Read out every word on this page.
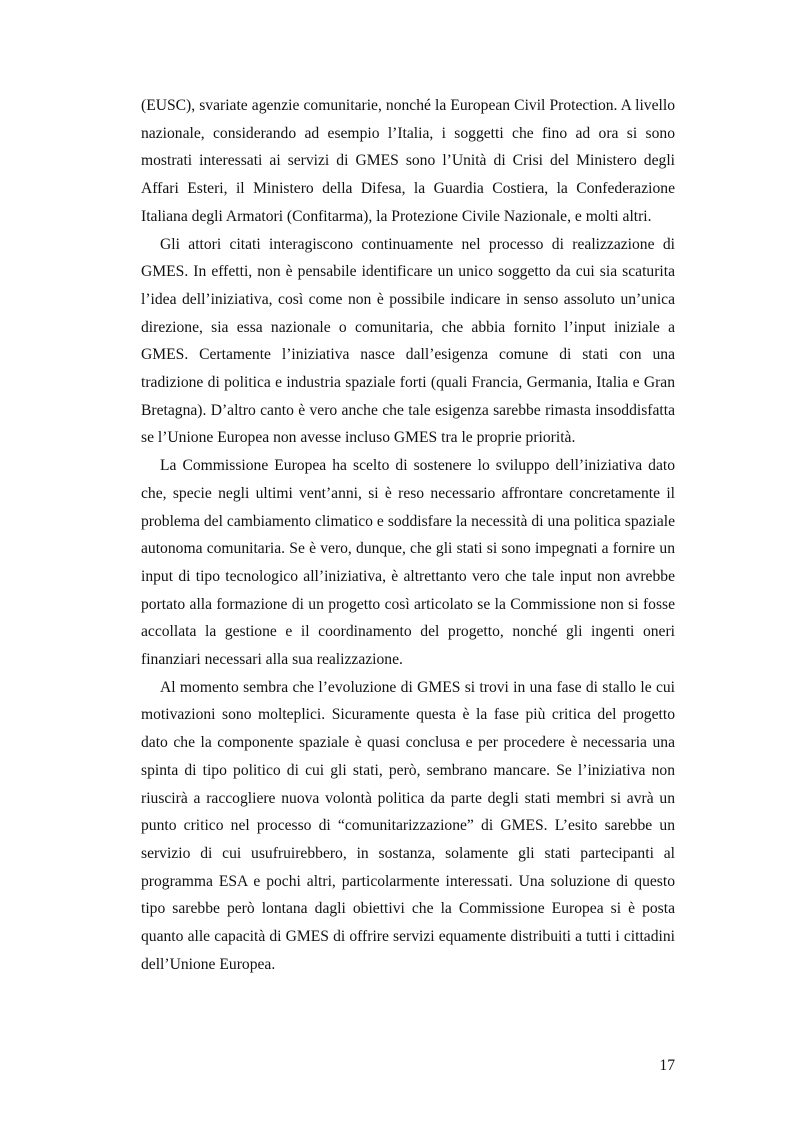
(EUSC), svariate agenzie comunitarie, nonché la European Civil Protection. A livello nazionale, considerando ad esempio l’Italia, i soggetti che fino ad ora si sono mostrati interessati ai servizi di GMES sono l’Unità di Crisi del Ministero degli Affari Esteri, il Ministero della Difesa, la Guardia Costiera, la Confederazione Italiana degli Armatori (Confitarma), la Protezione Civile Nazionale, e molti altri.

Gli attori citati interagiscono continuamente nel processo di realizzazione di GMES. In effetti, non è pensabile identificare un unico soggetto da cui sia scaturita l’idea dell’iniziativa, così come non è possibile indicare in senso assoluto un’unica direzione, sia essa nazionale o comunitaria, che abbia fornito l’input iniziale a GMES. Certamente l’iniziativa nasce dall’esigenza comune di stati con una tradizione di politica e industria spaziale forti (quali Francia, Germania, Italia e Gran Bretagna). D’altro canto è vero anche che tale esigenza sarebbe rimasta insoddisfatta se l’Unione Europea non avesse incluso GMES tra le proprie priorità.

La Commissione Europea ha scelto di sostenere lo sviluppo dell’iniziativa dato che, specie negli ultimi vent’anni, si è reso necessario affrontare concretamente il problema del cambiamento climatico e soddisfare la necessità di una politica spaziale autonoma comunitaria. Se è vero, dunque, che gli stati si sono impegnati a fornire un input di tipo tecnologico all’iniziativa, è altrettanto vero che tale input non avrebbe portato alla formazione di un progetto così articolato se la Commissione non si fosse accollata la gestione e il coordinamento del progetto, nonché gli ingenti oneri finanziari necessari alla sua realizzazione.

Al momento sembra che l’evoluzione di GMES si trovi in una fase di stallo le cui motivazioni sono molteplici. Sicuramente questa è la fase più critica del progetto dato che la componente spaziale è quasi conclusa e per procedere è necessaria una spinta di tipo politico di cui gli stati, però, sembrano mancare. Se l’iniziativa non riuscirà a raccogliere nuova volontà politica da parte degli stati membri si avrà un punto critico nel processo di “comunitarizzazione” di GMES. L’esito sarebbe un servizio di cui usufruirebbero, in sostanza, solamente gli stati partecipanti al programma ESA e pochi altri, particolarmente interessati. Una soluzione di questo tipo sarebbe però lontana dagli obiettivi che la Commissione Europea si è posta quanto alle capacità di GMES di offrire servizi equamente distribuiti a tutti i cittadini dell’Unione Europea.

17
